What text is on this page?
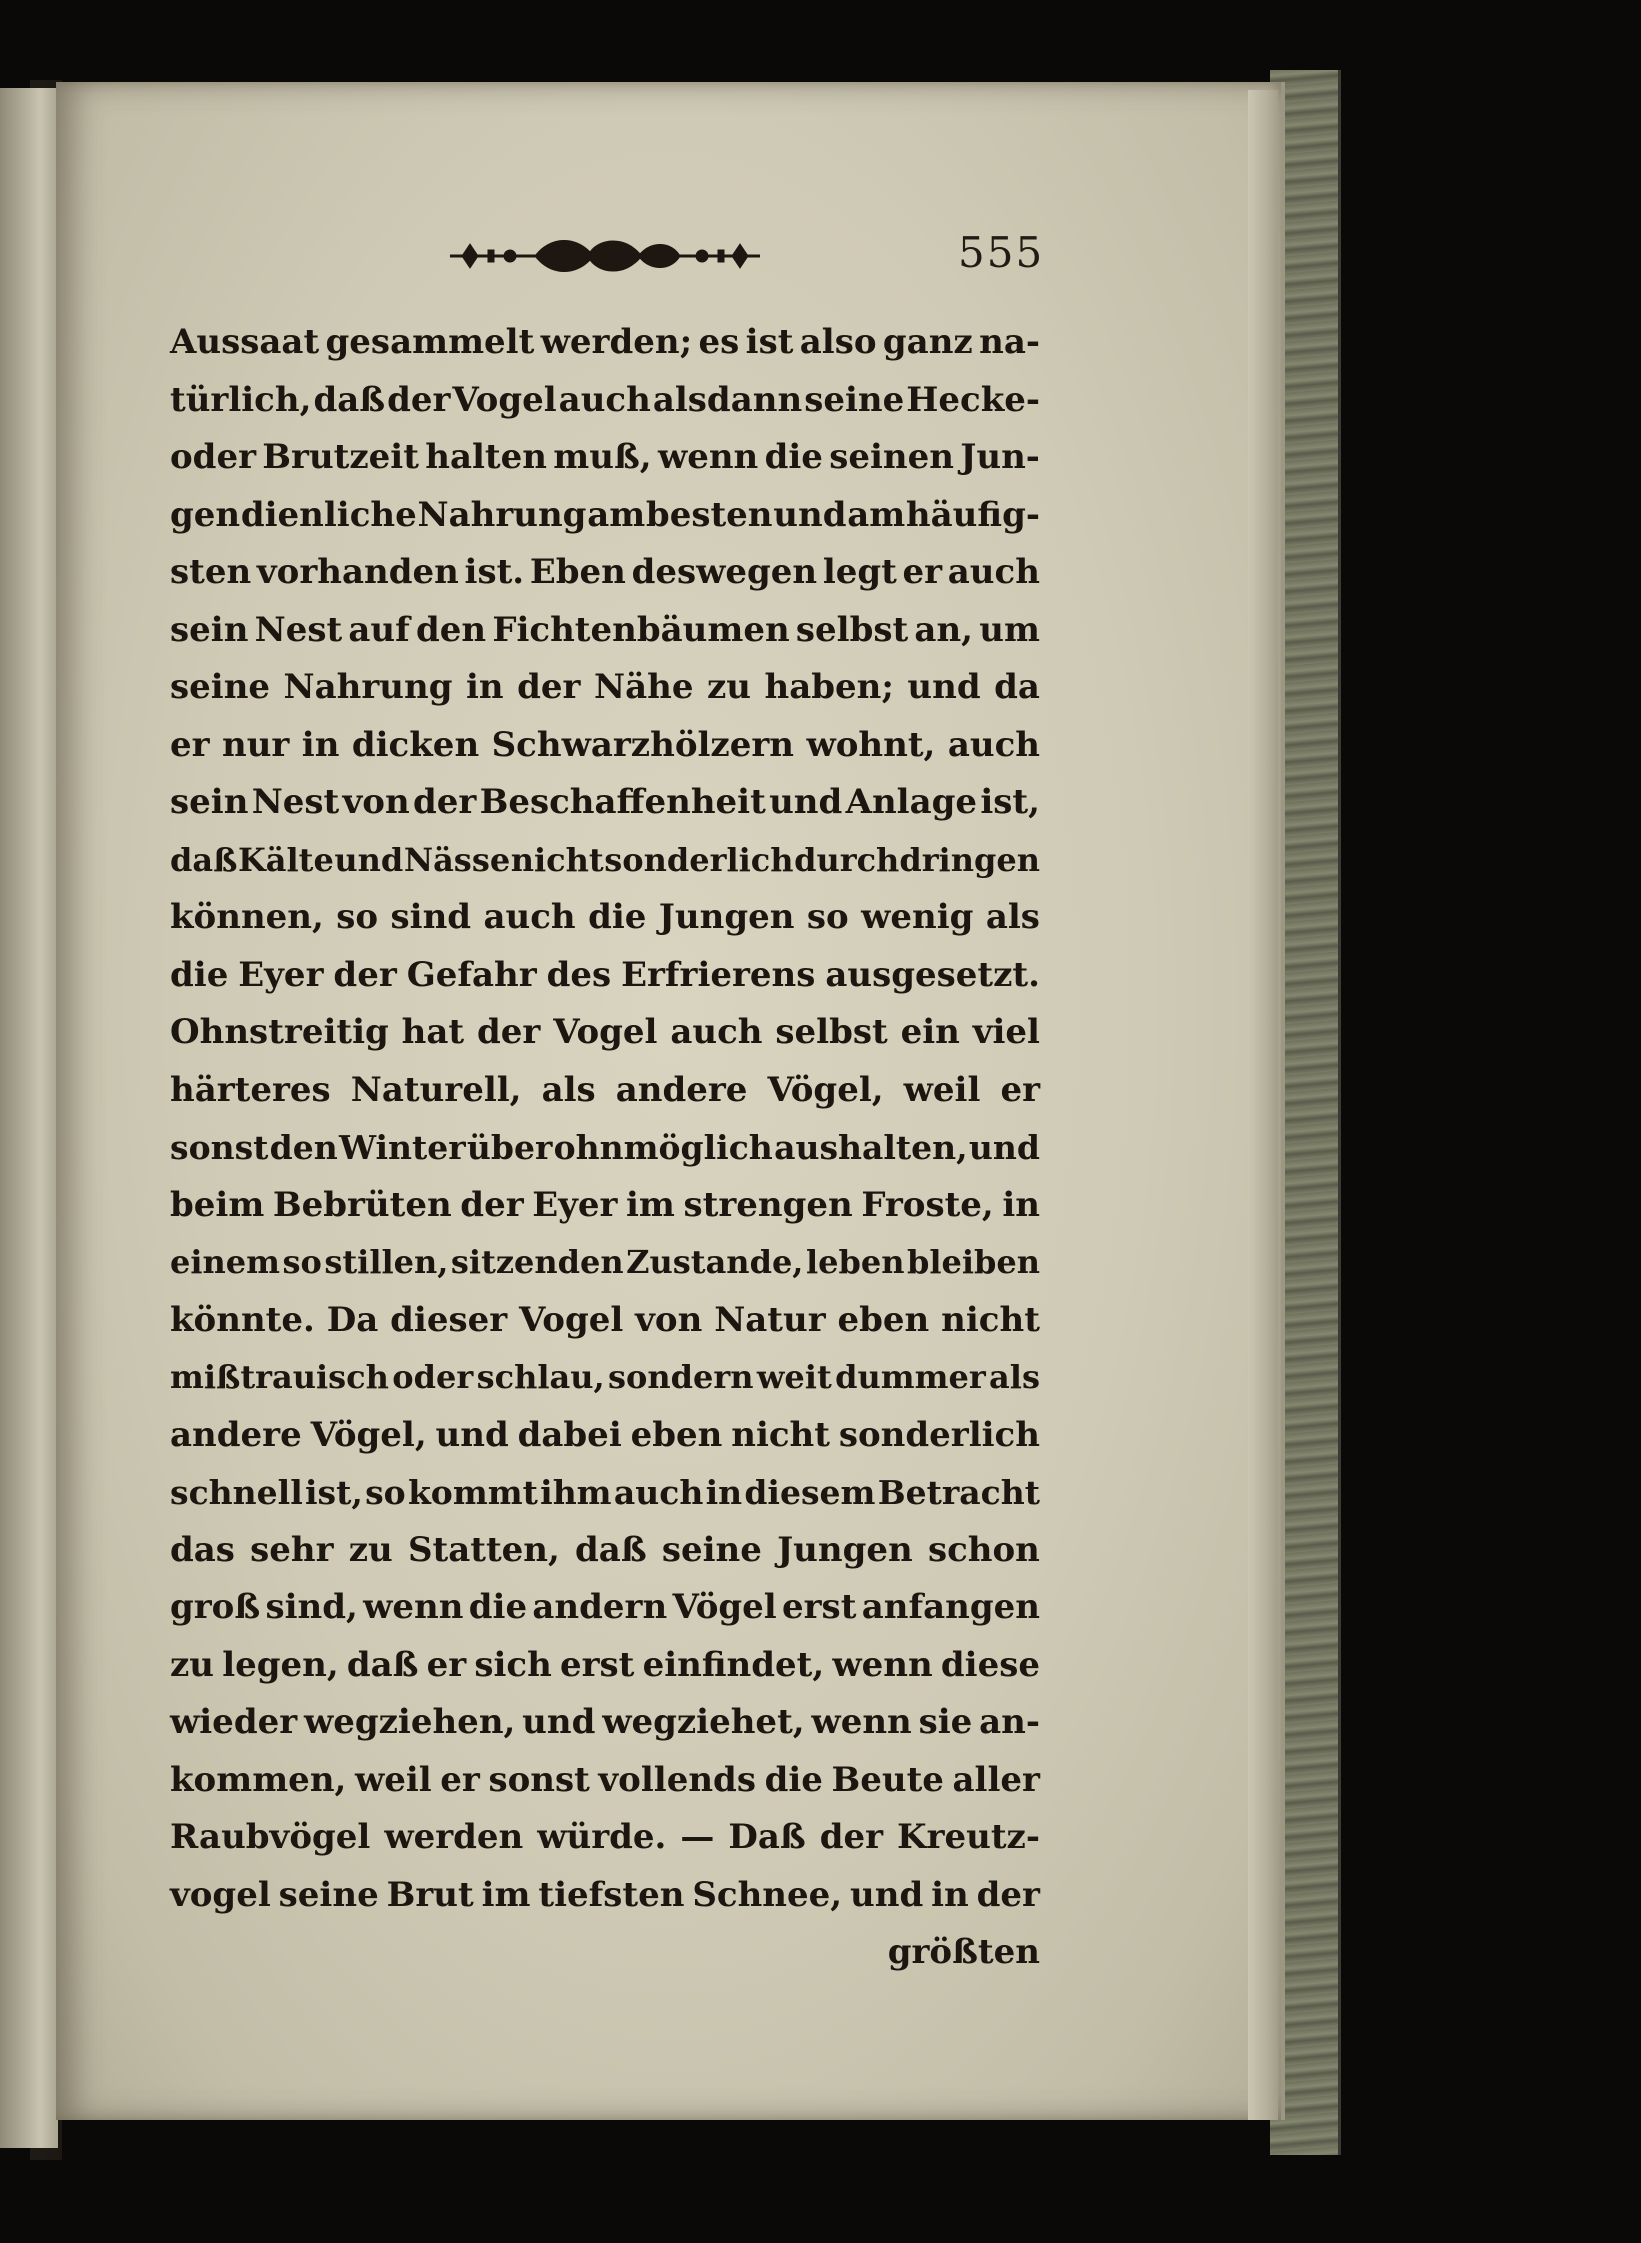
555
Aussaat gesammelt werden; es ist also ganz na-
türlich, daß der Vogel auch alsdann seine Hecke-
oder Brutzeit halten muß, wenn die seinen Jun-
gen dienliche Nahrung am besten und am häufig-
sten vorhanden ist. Eben deswegen legt er auch
sein Nest auf den Fichtenbäumen selbst an, um
seine Nahrung in der Nähe zu haben; und da
er nur in dicken Schwarzhölzern wohnt, auch
sein Nest von der Beschaffenheit und Anlage ist,
daß Kälte und Nässe nicht sonderlich durchdringen
können, so sind auch die Jungen so wenig als
die Eyer der Gefahr des Erfrierens ausgesetzt.
Ohnstreitig hat der Vogel auch selbst ein viel
härteres Naturell, als andere Vögel, weil er
sonst den Winter über ohnmöglich aushalten, und
beim Bebrüten der Eyer im strengen Froste, in
einem so stillen, sitzenden Zustande, leben bleiben
könnte. Da dieser Vogel von Natur eben nicht
mißtrauisch oder schlau, sondern weit dummer als
andere Vögel, und dabei eben nicht sonderlich
schnell ist, so kommt ihm auch in diesem Betracht
das sehr zu Statten, daß seine Jungen schon
groß sind, wenn die andern Vögel erst anfangen
zu legen, daß er sich erst einfindet, wenn diese
wieder wegziehen, und wegziehet, wenn sie an-
kommen, weil er sonst vollends die Beute aller
Raubvögel werden würde. — Daß der Kreutz-
vogel seine Brut im tiefsten Schnee, und in der
größten
